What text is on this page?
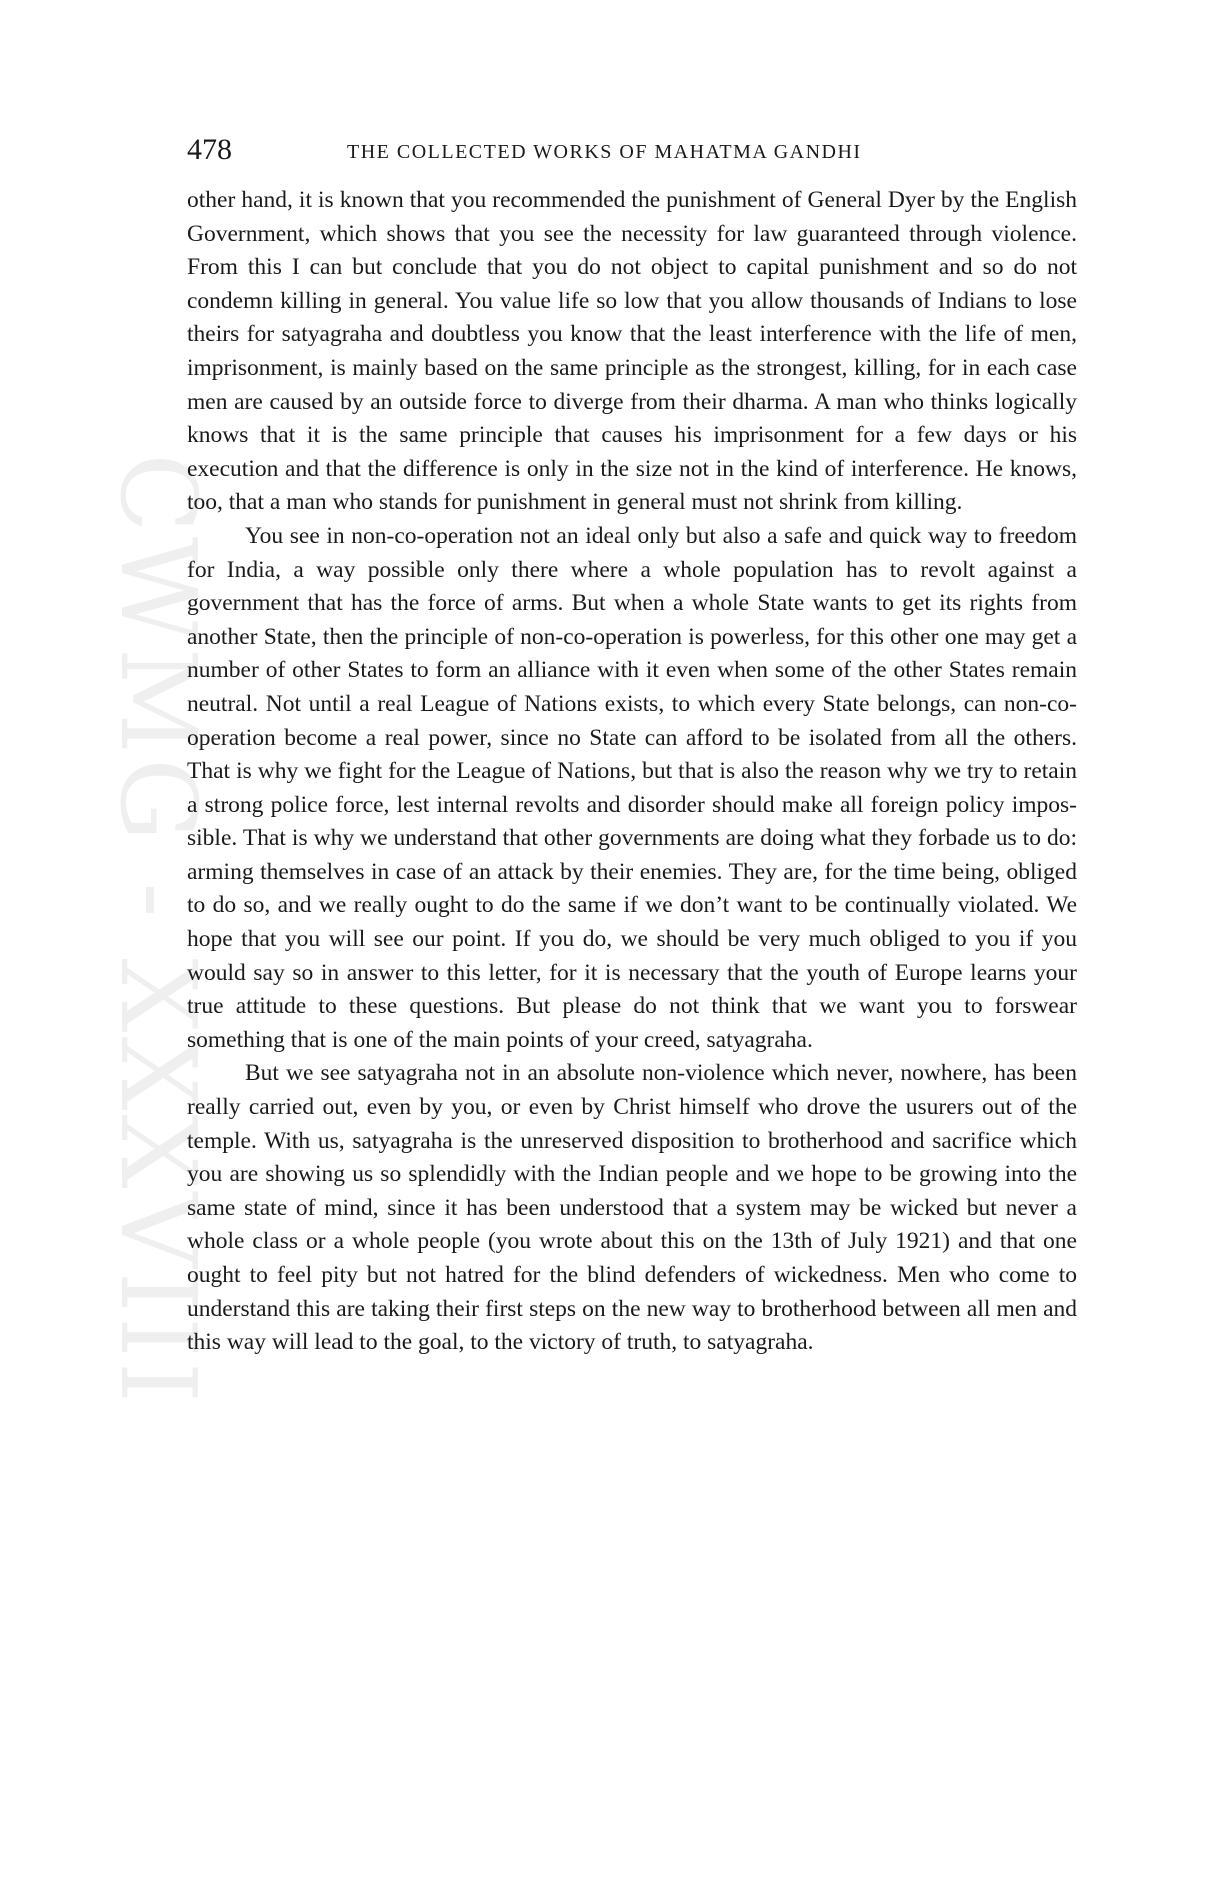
CWMG - XXXVIII
478	THE COLLECTED WORKS OF MAHATMA GANDHI

other hand, it is known that you recommended the punishment of General Dyer by the English Government, which shows that you see the necessity for law guaranteed through violence. From this I can but conclude that you do not object to capital punishment and so do not condemn killing in general. You value life so low that you allow thousands of Indians to lose theirs for satyagraha and doubtless you know that the least interference with the life of men, imprisonment, is mainly based on the same principle as the strongest, killing, for in each case men are caused by an outside force to diverge from their dharma. A man who thinks logically knows that it is the same principle that causes his imprisonment for a few days or his execution and that the difference is only in the size not in the kind of interference. He knows, too, that a man who stands for punishment in general must not shrink from killing.

You see in non-co-operation not an ideal only but also a safe and quick way to freedom for India, a way possible only there where a whole population has to revolt against a government that has the force of arms. But when a whole State wants to get its rights from another State, then the principle of non-co-operation is powerless, for this other one may get a number of other States to form an alliance with it even when some of the other States remain neutral. Not until a real League of Nations exists, to which every State belongs, can non-co-operation become a real power, since no State can afford to be isolated from all the others. That is why we fight for the League of Nations, but that is also the reason why we try to retain a strong police force, lest internal revolts and disorder should make all foreign policy impossible. That is why we understand that other governments are doing what they forbade us to do: arming themselves in case of an attack by their enemies. They are, for the time being, obliged to do so, and we really ought to do the same if we don’t want to be continually violated. We hope that you will see our point. If you do, we should be very much obliged to you if you would say so in answer to this letter, for it is necessary that the youth of Europe learns your true attitude to these questions. But please do not think that we want you to forswear something that is one of the main points of your creed, satyagraha.

But we see satyagraha not in an absolute non-violence which never, nowhere, has been really carried out, even by you, or even by Christ himself who drove the usurers out of the temple. With us, satyagraha is the unreserved disposition to brotherhood and sacrifice which you are showing us so splendidly with the Indian people and we hope to be growing into the same state of mind, since it has been understood that a system may be wicked but never a whole class or a whole people (you wrote about this on the 13th of July 1921) and that one ought to feel pity but not hatred for the blind defenders of wickedness. Men who come to understand this are taking their first steps on the new way to brotherhood between all men and this way will lead to the goal, to the victory of truth, to satyagraha.
